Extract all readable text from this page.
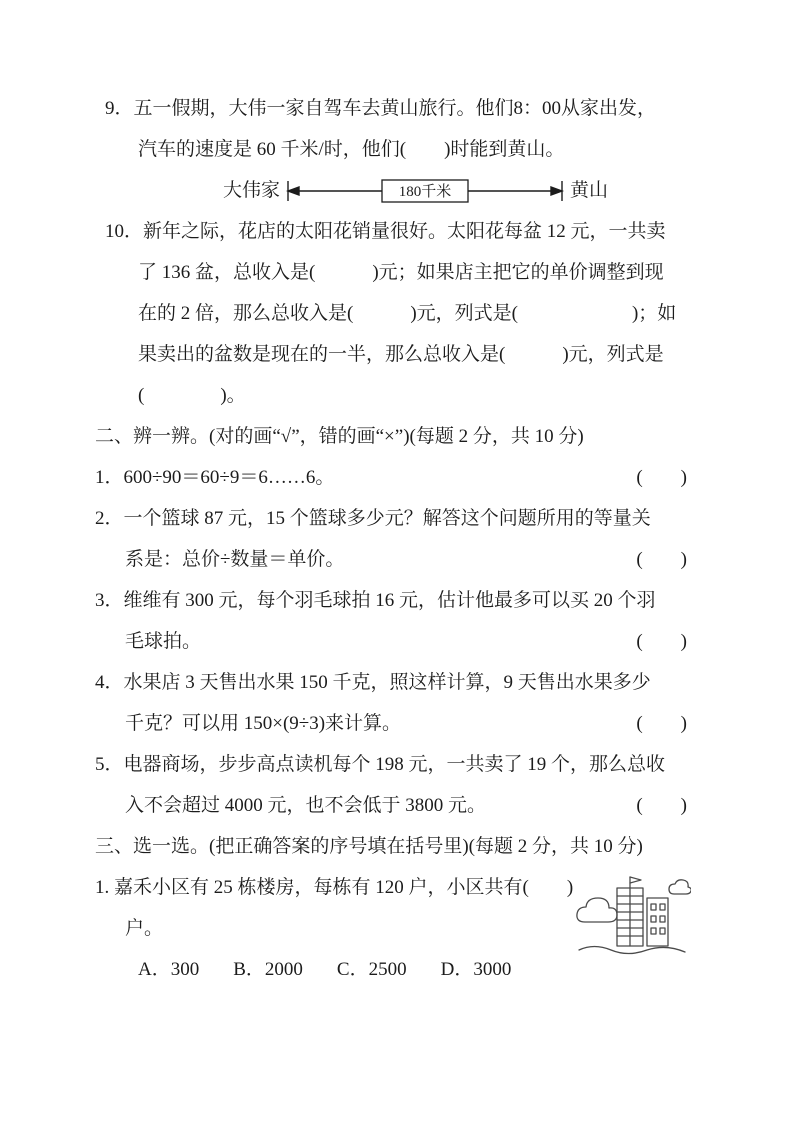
9．五一假期，大伟一家自驾车去黄山旅行。他们8：00从家出发，
汽车的速度是 60 千米/时，他们(　　)时能到黄山。
大伟家	180千米	黄山
10．新年之际，花店的太阳花销量很好。太阳花每盆 12 元，一共卖
了 136 盆，总收入是(　　　)元；如果店主把它的单价调整到现
在的 2 倍，那么总收入是(　　　)元，列式是(　　　　　　)；如
果卖出的盆数是现在的一半，那么总收入是(　　　)元，列式是
(　　　　)。
二、辨一辨。(对的画“√”，错的画“×”)(每题 2 分，共 10 分)
1．600÷90＝60÷9＝6……6。	(　　)
2．一个篮球 87 元，15 个篮球多少元？解答这个问题所用的等量关
系是：总价÷数量＝单价。	(　　)
3．维维有 300 元，每个羽毛球拍 16 元，估计他最多可以买 20 个羽
毛球拍。	(　　)
4．水果店 3 天售出水果 150 千克，照这样计算，9 天售出水果多少
千克？可以用 150×(9÷3)来计算。	(　　)
5．电器商场，步步高点读机每个 198 元，一共卖了 19 个，那么总收
入不会超过 4000 元，也不会低于 3800 元。	(　　)
三、选一选。(把正确答案的序号填在括号里)(每题 2 分，共 10 分)
1. 嘉禾小区有 25 栋楼房，每栋有 120 户，小区共有(　　)
户。
A．300 B．2000 C．2500 D．3000
